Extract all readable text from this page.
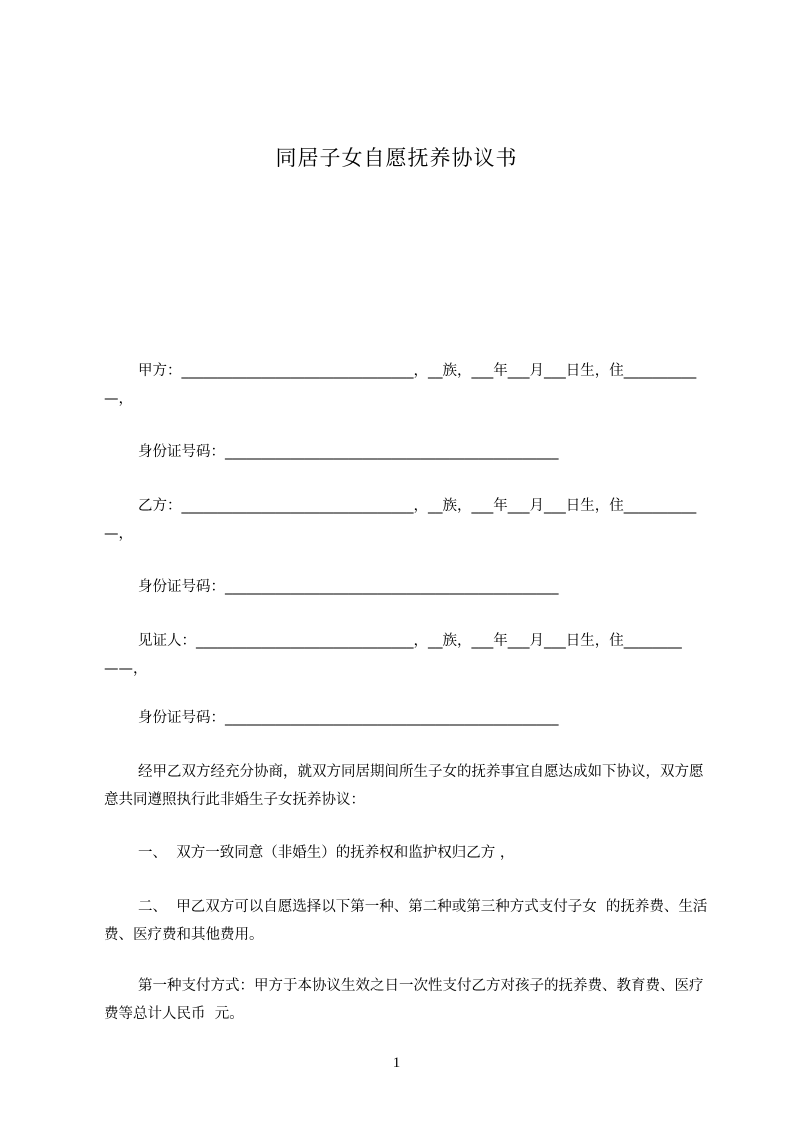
同居子女自愿抚养协议书

甲方：________________________________，__族，___年___月___日生，住__________—，

身份证号码：______________________________________________

乙方：________________________________，__族，___年___月___日生，住__________—，

身份证号码：______________________________________________

见证人：______________________________，__族，___年___月___日生，住________——，

身份证号码：______________________________________________

经甲乙双方经充分协商，就双方同居期间所生子女的抚养事宜自愿达成如下协议，双方愿意共同遵照执行此非婚生子女抚养协议：

一、  双方一致同意（非婚生）的抚养权和监护权归乙方 ，

二、  甲乙双方可以自愿选择以下第一种、第二种或第三种方式支付子女  的抚养费、生活费、医疗费和其他费用。

第一种支付方式：甲方于本协议生效之日一次性支付乙方对孩子的抚养费、教育费、医疗费等总计人民币  元。

1
